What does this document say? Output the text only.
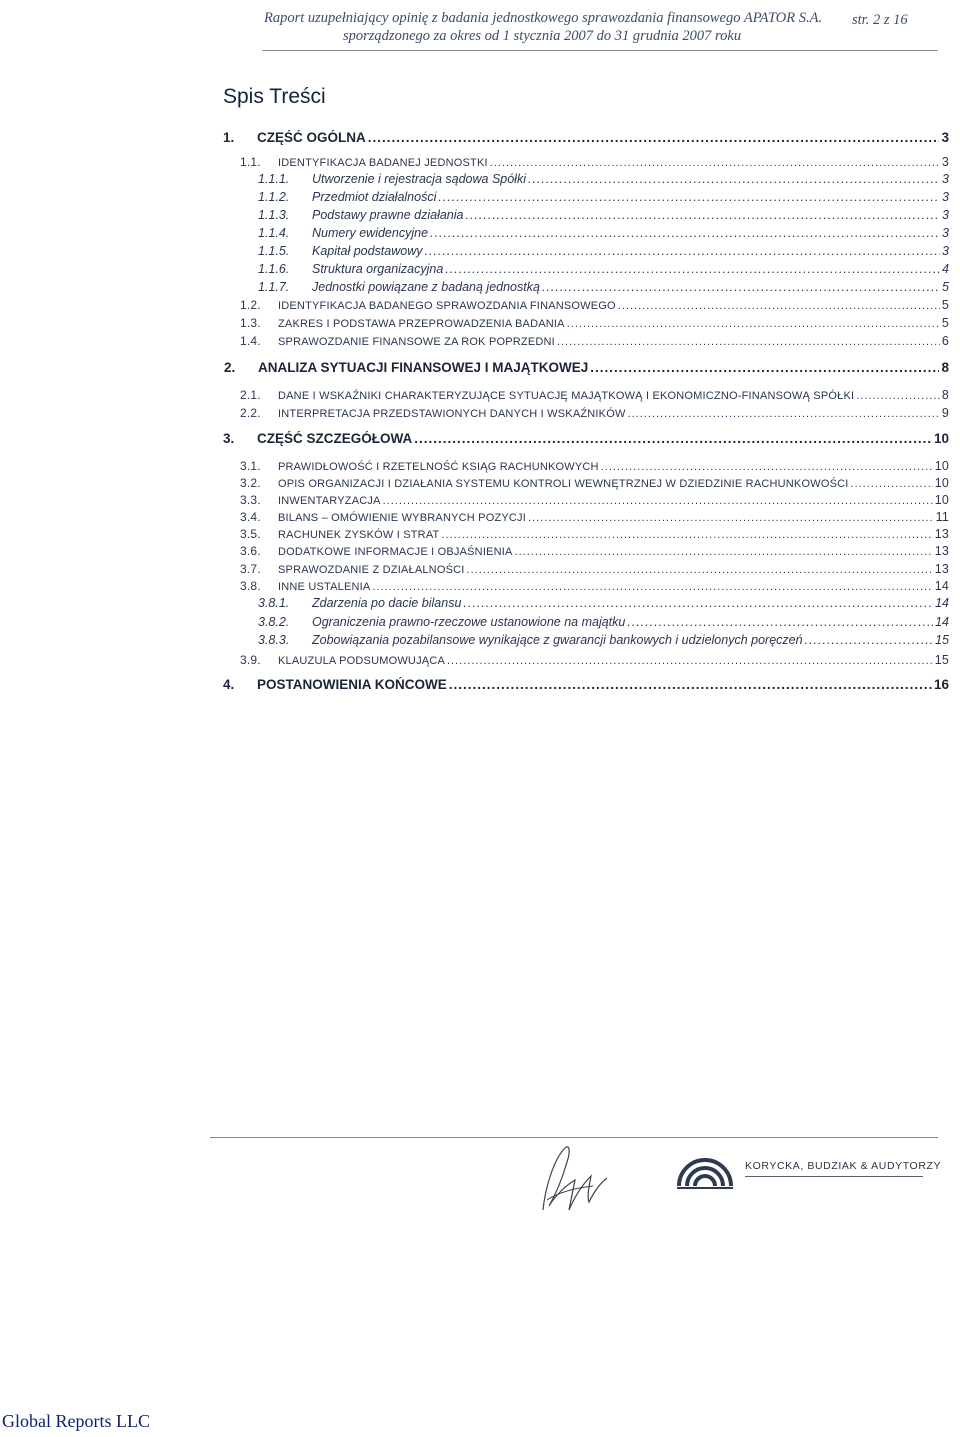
Raport uzupełniający opinię z badania jednostkowego sprawozdania finansowego APATOR S.A.
sporządzonego za okres od 1 stycznia 2007 do 31 grudnia 2007 roku
str. 2 z 16
Spis Treści
1.	CZĘŚĆ OGÓLNA .....	3
1.1.	IDENTYFIKACJA BADANEJ JEDNOSTKI .....	3
1.1.1.	Utworzenie i rejestracja sądowa Spółki .....	3
1.1.2.	Przedmiot działalności .....	3
1.1.3.	Podstawy prawne działania .....	3
1.1.4.	Numery ewidencyjne .....	3
1.1.5.	Kapitał podstawowy .....	3
1.1.6.	Struktura organizacyjna .....	4
1.1.7.	Jednostki powiązane z badaną jednostką .....	5
1.2.	IDENTYFIKACJA BADANEGO SPRAWOZDANIA FINANSOWEGO .....	5
1.3.	ZAKRES I PODSTAWA PRZEPROWADZENIA BADANIA .....	5
1.4.	SPRAWOZDANIE FINANSOWE ZA ROK POPRZEDNI .....	6
2.	ANALIZA SYTUACJI FINANSOWEJ I MAJĄTKOWEJ .....	8
2.1.	DANE I WSKAŹNIKI CHARAKTERYZUJĄCE SYTUACJĘ MAJĄTKOWĄ I EKONOMICZNO-FINANSOWĄ SPÓŁKI .....	8
2.2.	INTERPRETACJA PRZEDSTAWIONYCH DANYCH I WSKAŹNIKÓW .....	9
3.	CZĘŚĆ SZCZEGÓŁOWA .....	10
3.1.	PRAWIDŁOWOŚĆ I RZETELNOŚĆ KSIĄG RACHUNKOWYCH .....	10
3.2.	OPIS ORGANIZACJI I DZIAŁANIA SYSTEMU KONTROLI WEWNĘTRZNEJ W DZIEDZINIE RACHUNKOWOŚCI .....	10
3.3.	INWENTARYZACJA .....	10
3.4.	BILANS – OMÓWIENIE WYBRANYCH POZYCJI .....	11
3.5.	RACHUNEK ZYSKÓW I STRAT .....	13
3.6.	DODATKOWE INFORMACJE I OBJAŚNIENIA .....	13
3.7.	SPRAWOZDANIE Z DZIAŁALNOŚCI .....	13
3.8.	INNE USTALENIA .....	14
3.8.1.	Zdarzenia po dacie bilansu .....	14
3.8.2.	Ograniczenia prawno-rzeczowe ustanowione na majątku .....	14
3.8.3.	Zobowiązania pozabilansowe wynikające z gwarancji bankowych i udzielonych poręczeń .....	15
3.9.	KLAUZULA PODSUMOWUJĄCA .....	15
4.	POSTANOWIENIA KOŃCOWE .....	16
KORYCKA, BUDZIAK & AUDYTORZY
Global Reports LLC
